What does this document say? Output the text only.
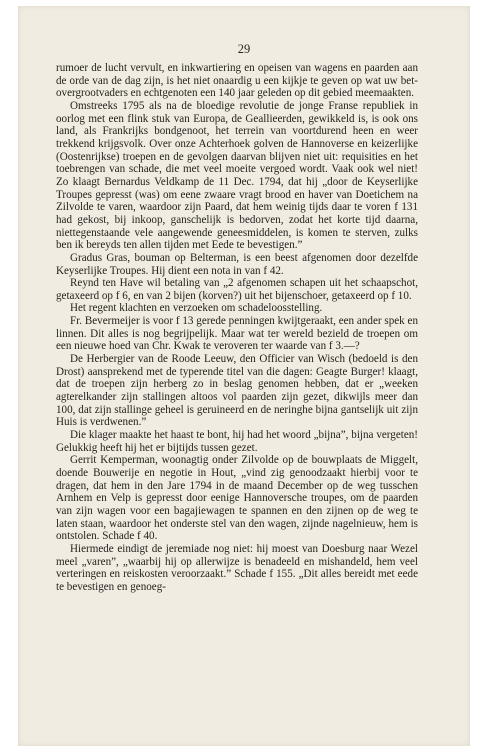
29

rumoer de lucht vervult, en inkwartiering en opeisen van wagens en paarden aan de orde van de dag zijn, is het niet onaardig u een kijkje te geven op wat uw bet-overgrootvaders en echtgenoten een 140 jaar geleden op dit gebied meemaakten.

Omstreeks 1795 als na de bloedige revolutie de jonge Franse republiek in oorlog met een flink stuk van Europa, de Geallieerden, gewikkeld is, is ook ons land, als Frankrijks bondgenoot, het terrein van voortdurend heen en weer trekkend krijgsvolk. Over onze Achterhoek golven de Hannoverse en keizerlijke (Oostenrijkse) troepen en de gevolgen daarvan blijven niet uit: requisities en het toebrengen van schade, die met veel moeite vergoed wordt. Vaak ook wel niet! Zo klaagt Bernardus Veldkamp de 11 Dec. 1794, dat hij „door de Keyserlijke Troupes gepresst (was) om eene zwaare vragt brood en haver van Doetichem na Zilvolde te varen, waardoor zijn Paard, dat hem weinig tijds daar te voren f 131 had gekost, bij inkoop, ganschelijk is bedorven, zodat het korte tijd daarna, niettegenstaande vele aangewende geneesmiddelen, is komen te sterven, zulks ben ik bereyds ten allen tijden met Eede te bevestigen.”

Gradus Gras, bouman op Belterman, is een beest afgenomen door dezelfde Keyserlijke Troupes. Hij dient een nota in van f 42.

Reynd ten Have wil betaling van „2 afgenomen schapen uit het schaapschot, getaxeerd op f 6, en van 2 bijen (korven?) uit het bijenschoer, getaxeerd op f 10.

Het regent klachten en verzoeken om schadeloosstelling.

Fr. Bevermeijer is voor f 13 gerede penningen kwijtgeraakt, een ander spek en linnen. Dit alles is nog begrijpelijk. Maar wat ter wereld bezield de troepen om een nieuwe hoed van Chr. Kwak te veroveren ter waarde van f 3.—?

De Herbergier van de Roode Leeuw, den Officier van Wisch (bedoeld is den Drost) aansprekend met de typerende titel van die dagen: Geagte Burger! klaagt, dat de troepen zijn herberg zo in beslag genomen hebben, dat er „weeken agterelkander zijn stallingen altoos vol paarden zijn gezet, dikwijls meer dan 100, dat zijn stallinge geheel is geruineerd en de neringhe bijna gantselijk uit zijn Huis is verdwenen.”

Die klager maakte het haast te bont, hij had het woord „bijna”, bijna vergeten! Gelukkig heeft hij het er bijtijds tussen gezet.

Gerrit Kemperman, woonagtig onder Zilvolde op de bouwplaats de Miggelt, doende Bouwerije en negotie in Hout, „vind zig genoodzaakt hierbij voor te dragen, dat hem in den Jare 1794 in de maand December op de weg tusschen Arnhem en Velp is gepresst door eenige Hannoversche troupes, om de paarden van zijn wagen voor een bagajiewagen te spannen en den zijnen op de weg te laten staan, waardoor het onderste stel van den wagen, zijnde nagelnieuw, hem is ontstolen. Schade f 40.

Hiermede eindigt de jeremiade nog niet: hij moest van Doesburg naar Wezel meel „varen”, „waarbij hij op allerwijze is benadeeld en mishandeld, hem veel verteringen en reiskosten veroorzaakt.” Schade f 155. „Dit alles bereidt met eede te bevestigen en genoeg-
